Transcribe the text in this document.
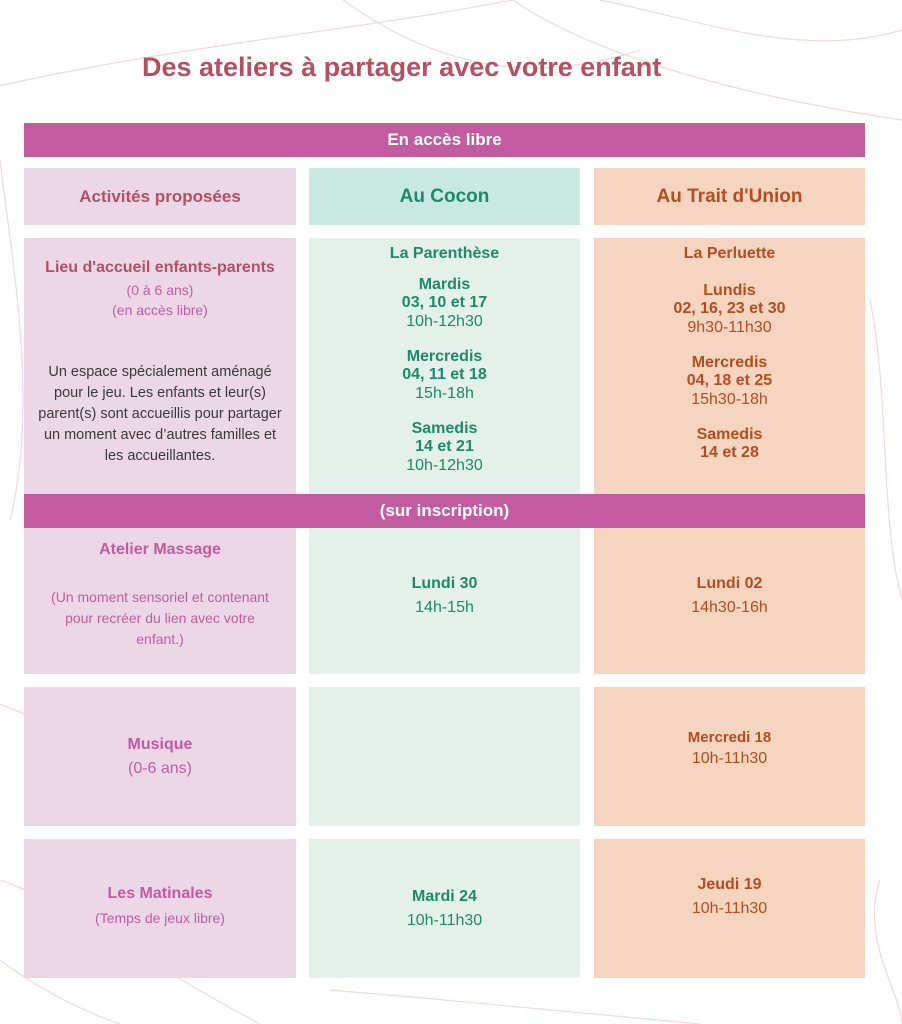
Des ateliers à partager avec votre enfant
En accès libre
Activités proposées	Au Cocon	Au Trait d'Union
Lieu d'accueil enfants-parents
(0 à 6 ans)
(en accès libre)
Un espace spécialement aménagé pour le jeu. Les enfants et leur(s) parent(s) sont accueillis pour partager un moment avec d’autres familles et les accueillantes.
La Parenthèse
Mardis
03, 10 et 17
10h-12h30
Mercredis
04, 11 et 18
15h-18h
Samedis
14 et 21
10h-12h30
La Perluette
Lundis
02, 16, 23 et 30
9h30-11h30
Mercredis
04, 18 et 25
15h30-18h
Samedis
14 et 28
(sur inscription)
Atelier Massage
(Un moment sensoriel et contenant pour recréer du lien avec votre enfant.)
Lundi 30
14h-15h
Lundi 02
14h30-16h
Musique
(0-6 ans)
Mercredi 18
10h-11h30
Les Matinales
(Temps de jeux libre)
Mardi 24
10h-11h30
Jeudi 19
10h-11h30
